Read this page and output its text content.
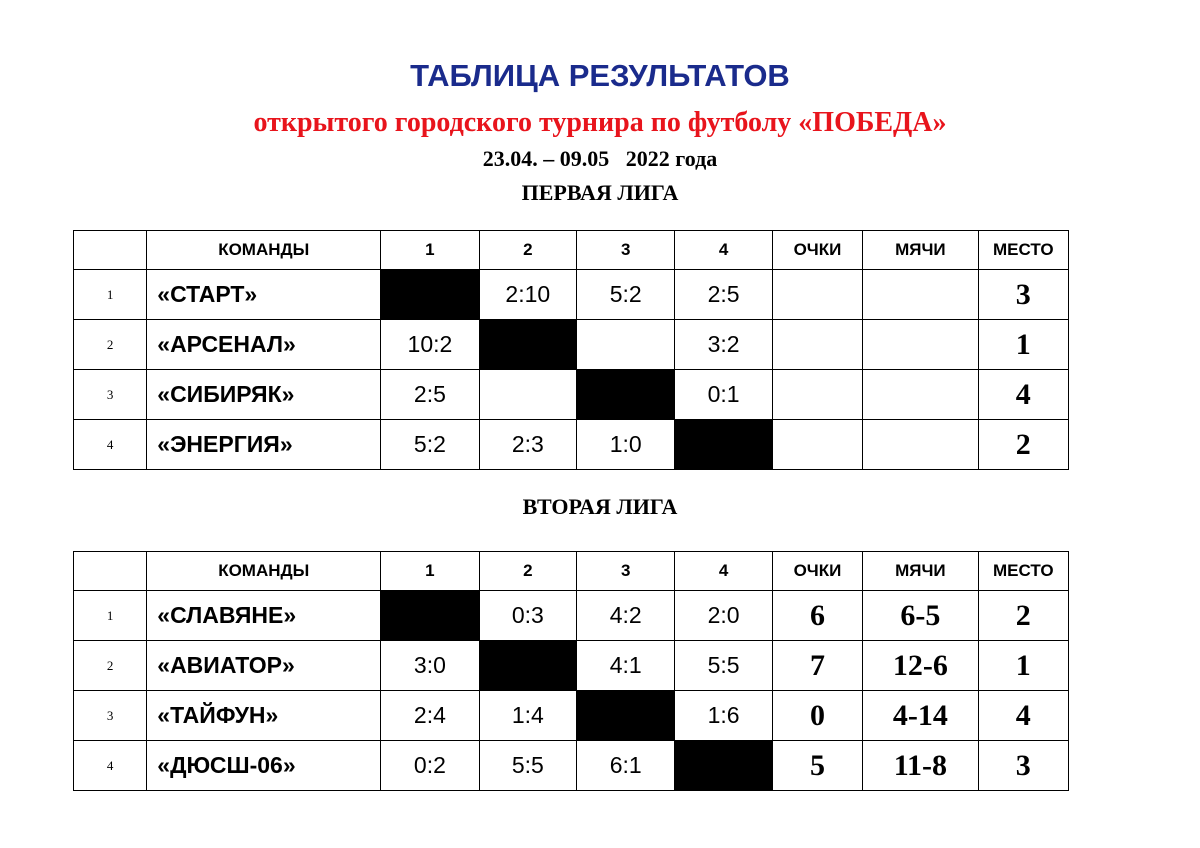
ТАБЛИЦА РЕЗУЛЬТАТОВ
открытого городского турнира по футболу «ПОБЕДА»
23.04. – 09.05   2022 года
ПЕРВАЯ ЛИГА
	КОМАНДЫ	1	2	3	4	ОЧКИ	МЯЧИ	МЕСТО
1	«СТАРТ»		2:10	5:2	2:5			3
2	«АРСЕНАЛ»	10:2			3:2			1
3	«СИБИРЯК»	2:5			0:1			4
4	«ЭНЕРГИЯ»	5:2	2:3	1:0				2
ВТОРАЯ ЛИГА
	КОМАНДЫ	1	2	3	4	ОЧКИ	МЯЧИ	МЕСТО
1	«СЛАВЯНЕ»		0:3	4:2	2:0	6	6-5	2
2	«АВИАТОР»	3:0		4:1	5:5	7	12-6	1
3	«ТАЙФУН»	2:4	1:4		1:6	0	4-14	4
4	«ДЮСШ-06»	0:2	5:5	6:1		5	11-8	3
